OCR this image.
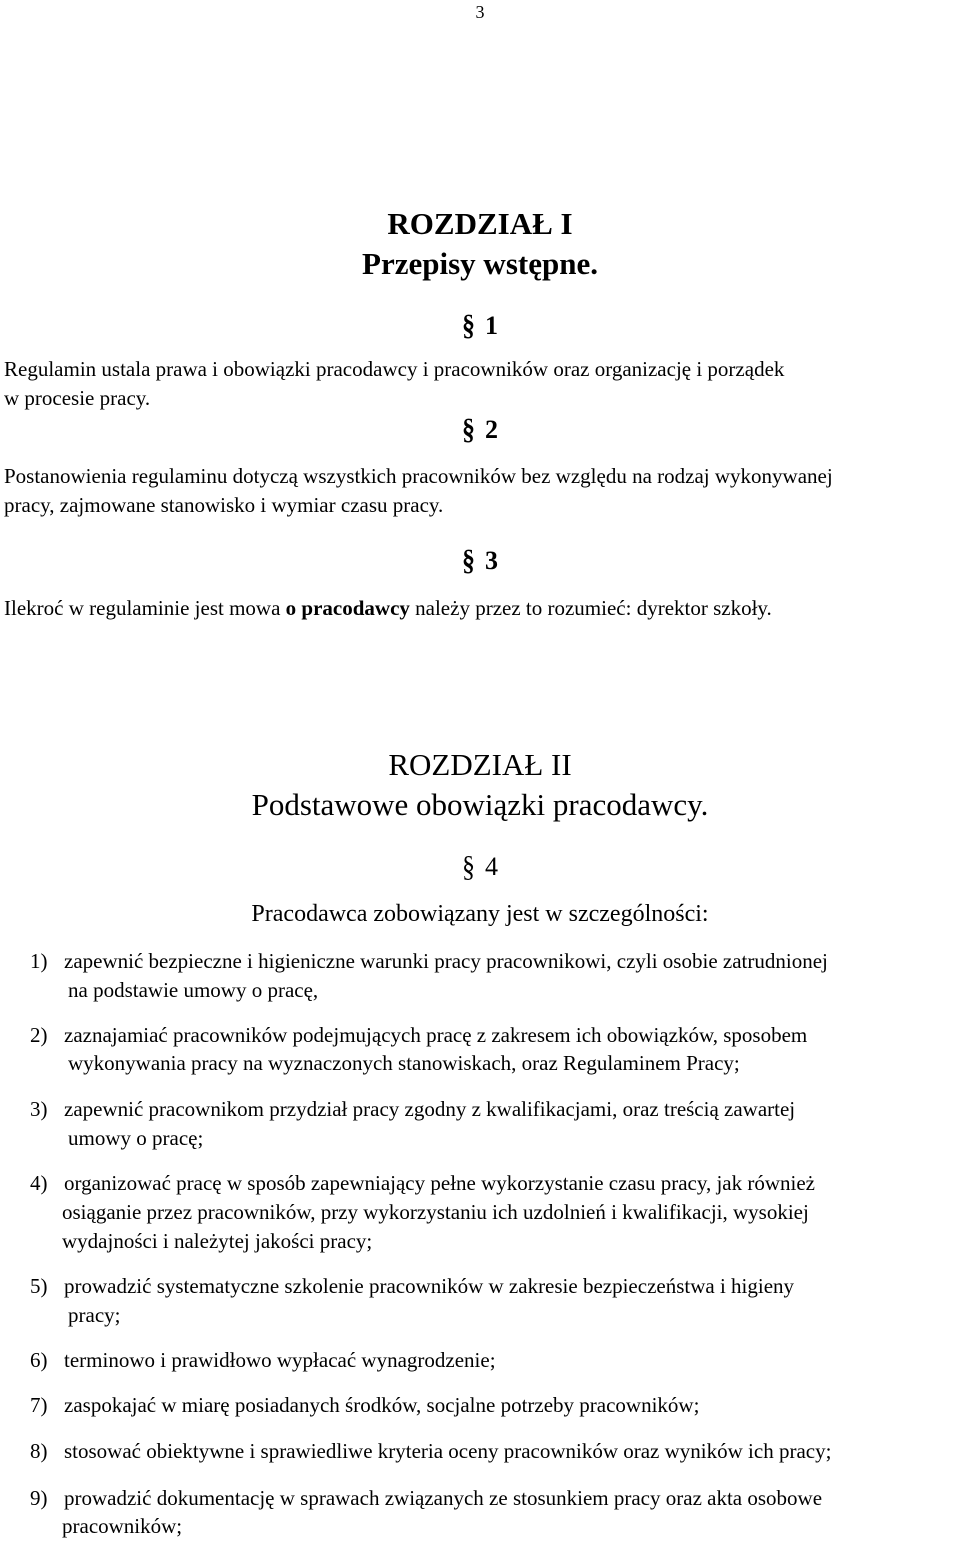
3
ROZDZIAŁ I
Przepisy wstępne.
§ 1
Regulamin ustala prawa i obowiązki pracodawcy i pracowników oraz organizację i porządek
w procesie pracy.
§ 2
Postanowienia regulaminu dotyczą wszystkich pracowników bez względu na rodzaj wykonywanej
pracy, zajmowane stanowisko i wymiar czasu pracy.
§ 3
Ilekroć w regulaminie jest mowa o pracodawcy należy przez to rozumieć: dyrektor szkoły.
ROZDZIAŁ II
Podstawowe obowiązki pracodawcy.
§ 4
Pracodawca zobowiązany jest w szczególności:
1) zapewnić bezpieczne i higieniczne warunki pracy pracownikowi, czyli osobie zatrudnionej
na podstawie umowy o pracę,
2) zaznajamiać pracowników podejmujących pracę z zakresem ich obowiązków, sposobem
wykonywania pracy na wyznaczonych stanowiskach, oraz Regulaminem Pracy;
3) zapewnić pracownikom przydział pracy zgodny z kwalifikacjami, oraz treścią zawartej
umowy o pracę;
4) organizować pracę w sposób zapewniający pełne wykorzystanie czasu pracy, jak również
osiąganie przez pracowników, przy wykorzystaniu ich uzdolnień i kwalifikacji, wysokiej
wydajności i należytej jakości pracy;
5) prowadzić systematyczne szkolenie pracowników w zakresie bezpieczeństwa i higieny
pracy;
6) terminowo i prawidłowo wypłacać wynagrodzenie;
7) zaspokajać w miarę posiadanych środków, socjalne potrzeby pracowników;
8) stosować obiektywne i sprawiedliwe kryteria oceny pracowników oraz wyników ich pracy;
9) prowadzić dokumentację w sprawach związanych ze stosunkiem pracy oraz akta osobowe
pracowników;
